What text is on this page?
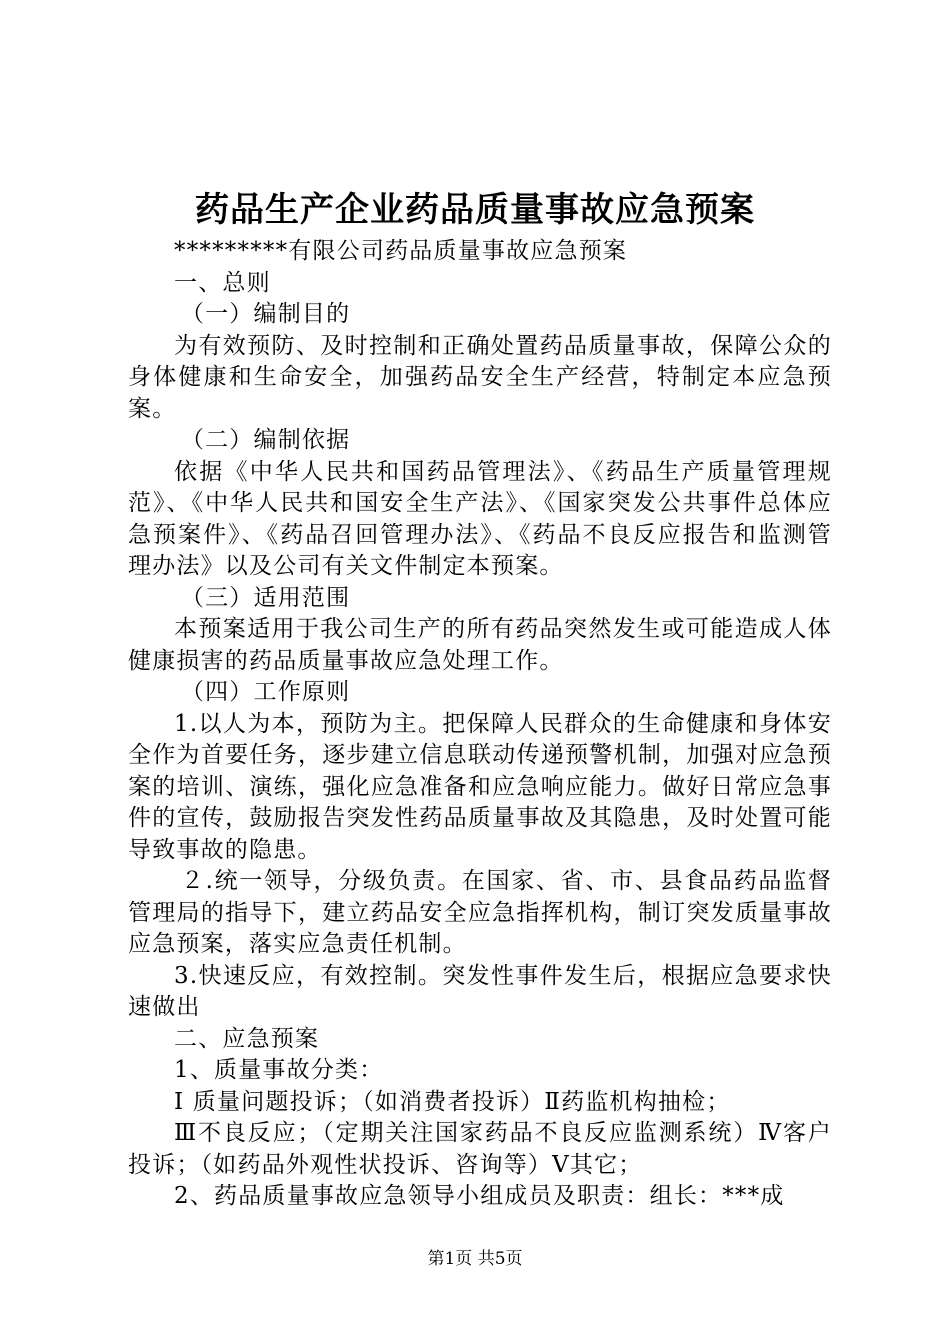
药品生产企业药品质量事故应急预案

*********有限公司药品质量事故应急预案

一、总则

（一）编制目的

为有效预防、及时控制和正确处置药品质量事故，保障公众的身体健康和生命安全，加强药品安全生产经营，特制定本应急预案。

（二）编制依据

依据《中华人民共和国药品管理法》、《药品生产质量管理规范》、《中华人民共和国安全生产法》、《国家突发公共事件总体应急预案件》、《药品召回管理办法》、《药品不良反应报告和监测管理办法》以及公司有关文件制定本预案。

（三）适用范围

本预案适用于我公司生产的所有药品突然发生或可能造成人体健康损害的药品质量事故应急处理工作。

（四）工作原则

1.以人为本，预防为主。把保障人民群众的生命健康和身体安全作为首要任务，逐步建立信息联动传递预警机制，加强对应急预案的培训、演练，强化应急准备和应急响应能力。做好日常应急事件的宣传，鼓励报告突发性药品质量事故及其隐患，及时处置可能导致事故的隐患。

２.统一领导，分级负责。在国家、省、市、县食品药品监督管理局的指导下，建立药品安全应急指挥机构，制订突发质量事故应急预案，落实应急责任机制。

3.快速反应，有效控制。突发性事件发生后，根据应急要求快速做出

二、应急预案

1、质量事故分类：

Ⅰ 质量问题投诉；（如消费者投诉）Ⅱ药监机构抽检；

Ⅲ不良反应；（定期关注国家药品不良反应监测系统）Ⅳ客户投诉；（如药品外观性状投诉、咨询等）Ⅴ其它；

2、药品质量事故应急领导小组成员及职责：组长：***成

第1页 共5页
